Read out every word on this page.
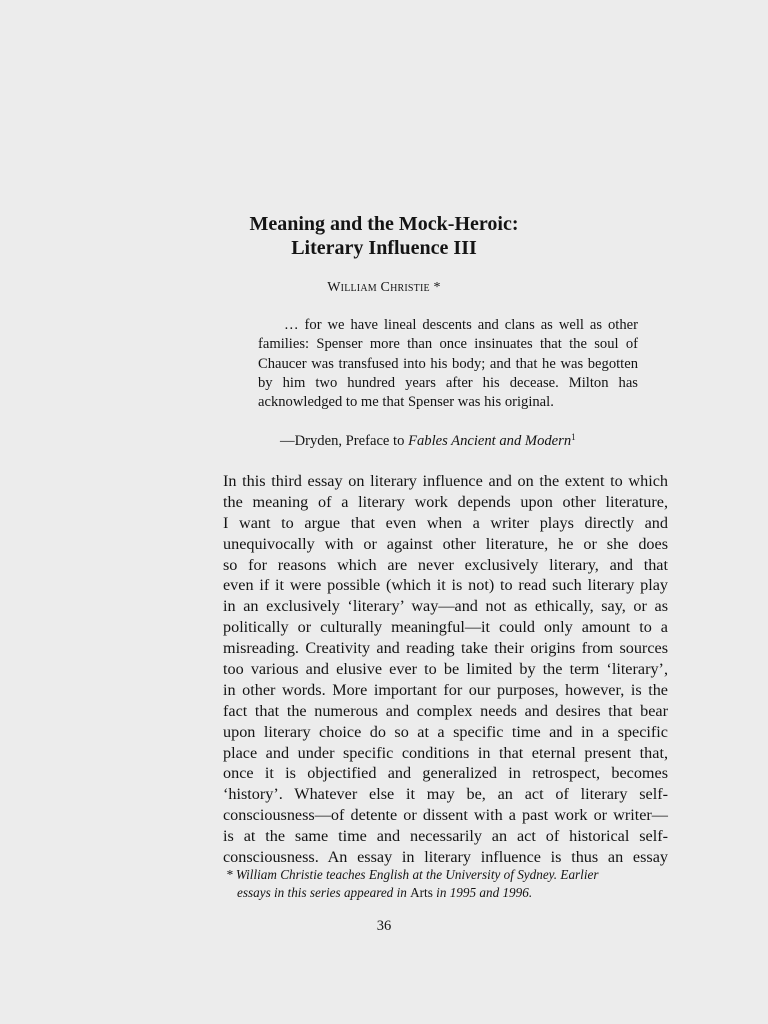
Meaning and the Mock-Heroic:
Literary Influence III
William Christie *

… for we have lineal descents and clans as well as other families: Spenser more than once insinuates that the soul of Chaucer was transfused into his body; and that he was begotten by him two hundred years after his decease. Milton has acknowledged to me that Spenser was his original.

—Dryden, Preface to Fables Ancient and Modern$^1$
In this third essay on literary influence and on the extent to which
the meaning of a literary work depends upon other literature,
I want to argue that even when a writer plays directly and
unequivocally with or against other literature, he or she does
so for reasons which are never exclusively literary, and that
even if it were possible (which it is not) to read such literary play
in an exclusively ‘literary’ way—and not as ethically, say, or as
politically or culturally meaningful—it could only amount to a
misreading. Creativity and reading take their origins from sources
too various and elusive ever to be limited by the term ‘literary’,
in other words. More important for our purposes, however, is the
fact that the numerous and complex needs and desires that bear
upon literary choice do so at a specific time and in a specific
place and under specific conditions in that eternal present that,
once it is objectified and generalized in retrospect, becomes
‘history’. Whatever else it may be, an act of literary self-
consciousness—of detente or dissent with a past work or writer—
is at the same time and necessarily an act of historical self-
consciousness. An essay in literary influence is thus an essay
* William Christie teaches English at the University of Sydney. Earlier
essays in this series appeared in Arts in 1995 and 1996.
36
